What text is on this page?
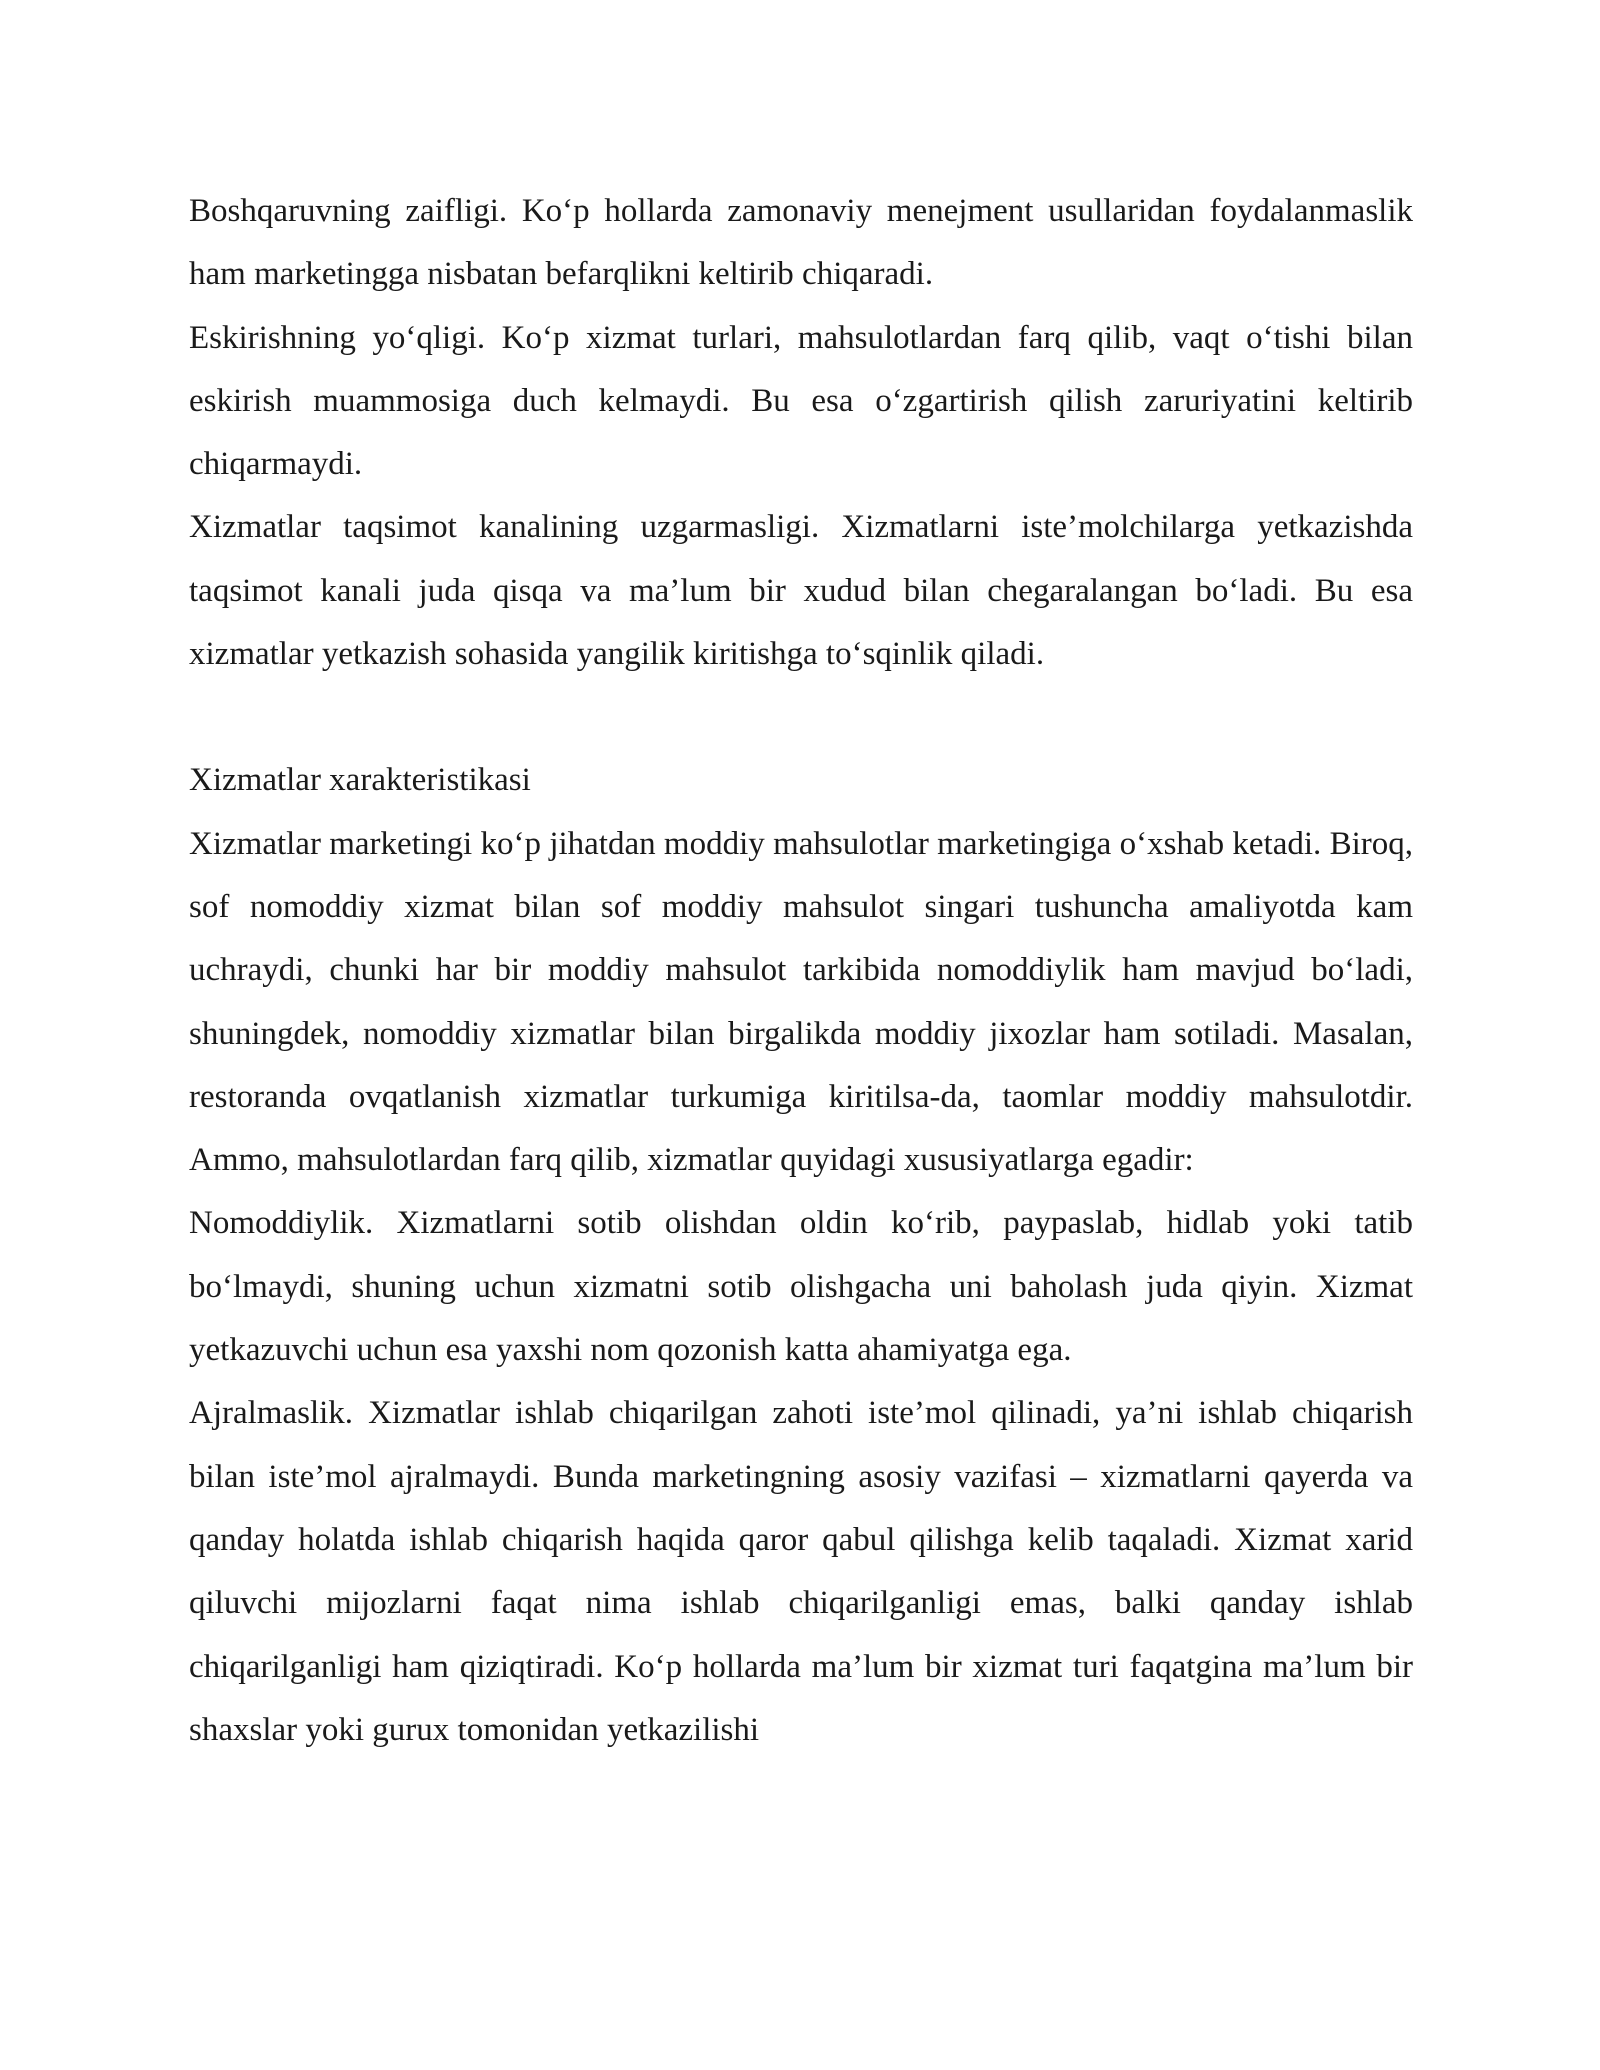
Boshqaruvning zaifligi. Ko‘p hollarda zamonaviy menejment usullaridan foydalanmaslik ham marketingga nisbatan befarqlikni keltirib chiqaradi.

Eskirishning yo‘qligi. Ko‘p xizmat turlari, mahsulotlardan farq qilib, vaqt o‘tishi bilan eskirish muammosiga duch kelmaydi. Bu esa o‘zgartirish qilish zaruriyatini keltirib chiqarmaydi.

Xizmatlar taqsimot kanalining uzgarmasligi. Xizmatlarni iste’molchilarga yetkazishda taqsimot kanali juda qisqa va ma’lum bir xudud bilan chegaralangan bo‘ladi. Bu esa xizmatlar yetkazish sohasida yangilik kiritishga to‘sqinlik qiladi.

Xizmatlar xarakteristikasi

Xizmatlar marketingi ko‘p jihatdan moddiy mahsulotlar marketingiga o‘xshab ketadi. Biroq, sof nomoddiy xizmat bilan sof moddiy mahsulot singari tushuncha amaliyotda kam uchraydi, chunki har bir moddiy mahsulot tarkibida nomoddiylik ham mavjud bo‘ladi, shuningdek, nomoddiy xizmatlar bilan birgalikda moddiy jixozlar ham sotiladi. Masalan, restoranda ovqatlanish xizmatlar turkumiga kiritilsa-da, taomlar moddiy mahsulotdir. Ammo, mahsulotlardan farq qilib, xizmatlar quyidagi xususiyatlarga egadir:

Nomoddiylik. Xizmatlarni sotib olishdan oldin ko‘rib, paypaslab, hidlab yoki tatib bo‘lmaydi, shuning uchun xizmatni sotib olishgacha uni baholash juda qiyin. Xizmat yetkazuvchi uchun esa yaxshi nom qozonish katta ahamiyatga ega.

Ajralmaslik. Xizmatlar ishlab chiqarilgan zahoti iste’mol qilinadi, ya’ni ishlab chiqarish bilan iste’mol ajralmaydi. Bunda marketingning asosiy vazifasi – xizmatlarni qayerda va qanday holatda ishlab chiqarish haqida qaror qabul qilishga kelib taqaladi. Xizmat xarid qiluvchi mijozlarni faqat nima ishlab chiqarilganligi emas, balki qanday ishlab chiqarilganligi ham qiziqtiradi. Ko‘p hollarda ma’lum bir xizmat turi faqatgina ma’lum bir shaxslar yoki gurux tomonidan yetkazilishi
